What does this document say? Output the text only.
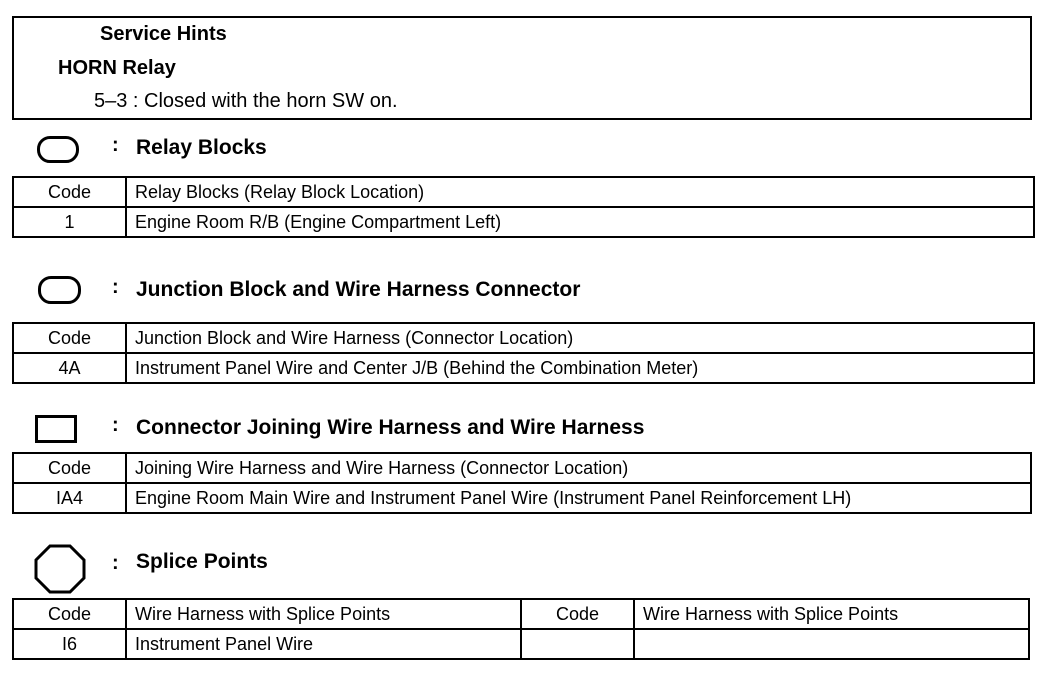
Service Hints
HORN Relay
5–3 : Closed with the horn SW on.
: Relay Blocks
Code	Relay Blocks (Relay Block Location)
1	Engine Room R/B (Engine Compartment Left)
: Junction Block and Wire Harness Connector
Code	Junction Block and Wire Harness (Connector Location)
4A	Instrument Panel Wire and Center J/B (Behind the Combination Meter)
: Connector Joining Wire Harness and Wire Harness
Code	Joining Wire Harness and Wire Harness (Connector Location)
IA4	Engine Room Main Wire and Instrument Panel Wire (Instrument Panel Reinforcement LH)
: Splice Points
Code	Wire Harness with Splice Points	Code	Wire Harness with Splice Points
I6	Instrument Panel Wire		
